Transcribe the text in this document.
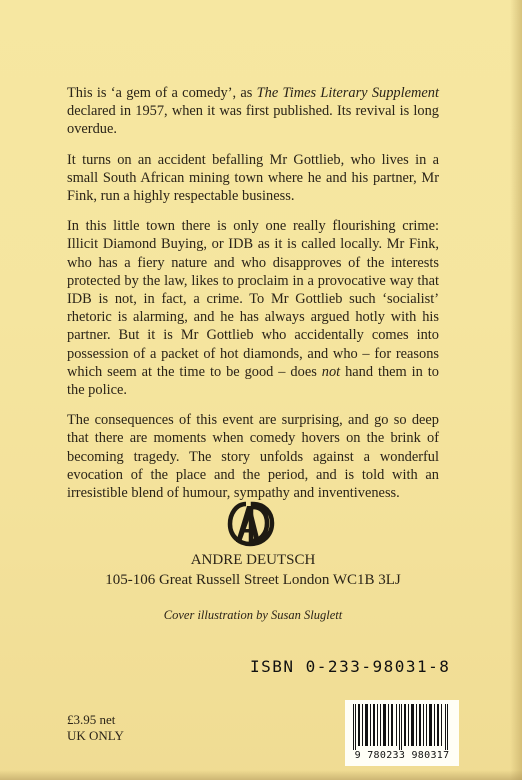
This is ‘a gem of a comedy’, as The Times Literary Supplement declared in 1957, when it was first published. Its revival is long overdue.

It turns on an accident befalling Mr Gottlieb, who lives in a small South African mining town where he and his partner, Mr Fink, run a highly respectable business.

In this little town there is only one really flourishing crime: Illicit Diamond Buying, or IDB as it is called locally. Mr Fink, who has a fiery nature and who disapproves of the interests protected by the law, likes to proclaim in a provocative way that IDB is not, in fact, a crime. To Mr Gottlieb such ‘socialist’ rhetoric is alarming, and he has always argued hotly with his partner. But it is Mr Gottlieb who accidentally comes into possession of a packet of hot diamonds, and who – for reasons which seem at the time to be good – does not hand them in to the police.

The consequences of this event are surprising, and go so deep that there are moments when comedy hovers on the brink of becoming tragedy. The story unfolds against a wonderful evocation of the place and the period, and is told with an irresistible blend of humour, sympathy and inventiveness.

ANDRE DEUTSCH
105-106 Great Russell Street London WC1B 3LJ
Cover illustration by Susan Sluglett
ISBN 0-233-98031-8
£3.95 net
UK ONLY
9 780233 980317
